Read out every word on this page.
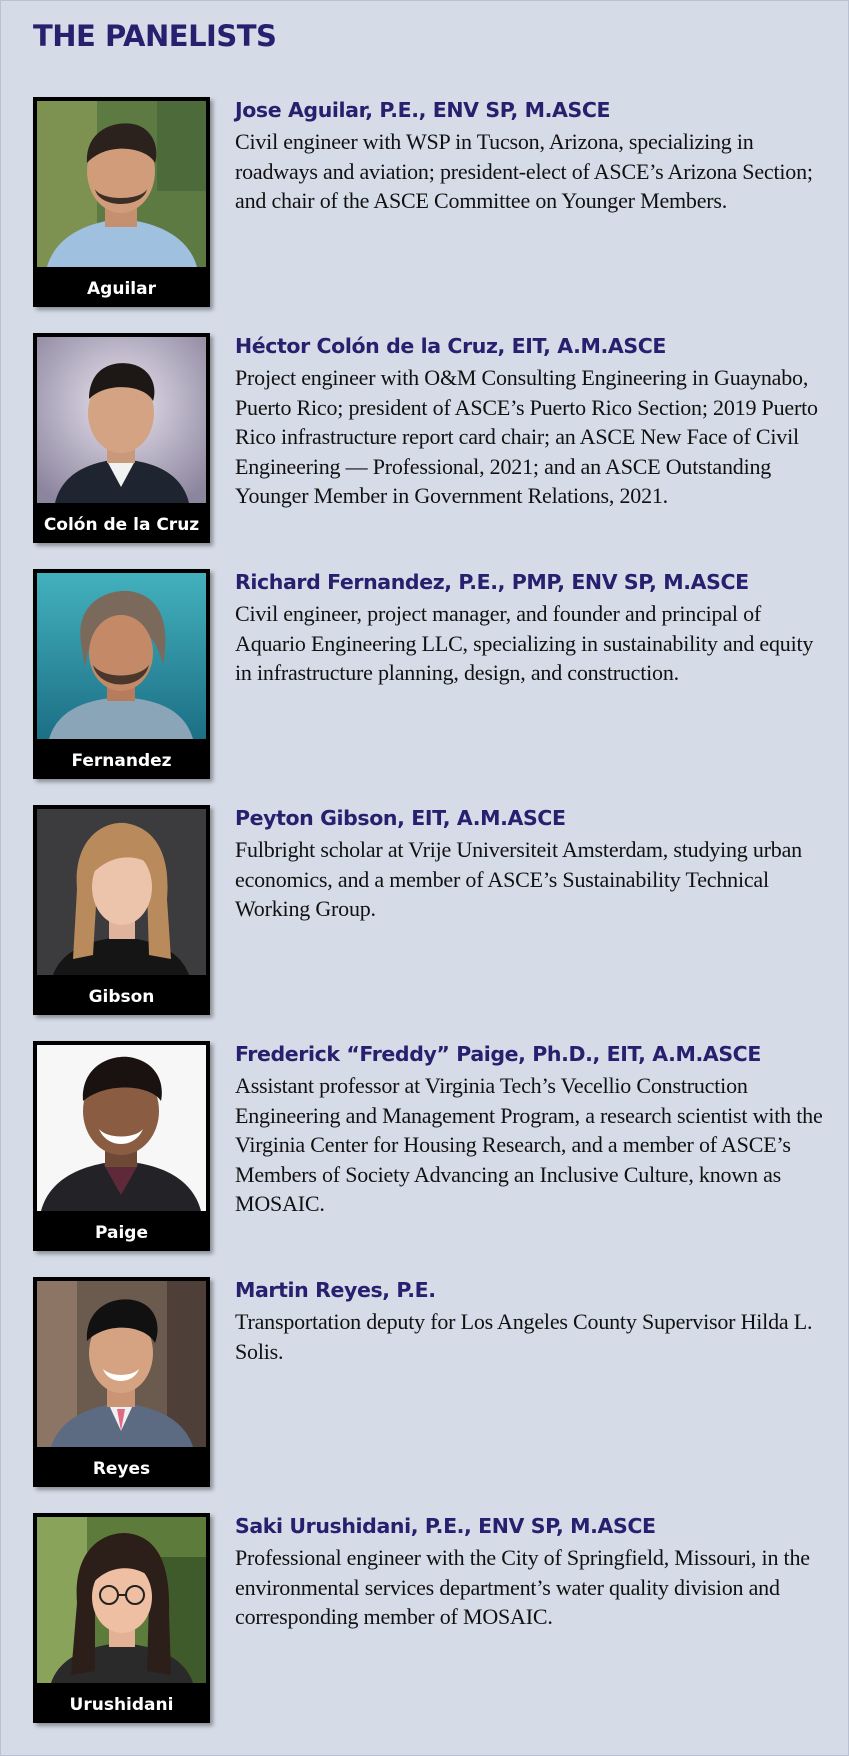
THE PANELISTS
Aguilar
Jose Aguilar, P.E., ENV SP, M.ASCE

Civil engineer with WSP in Tucson, Arizona, specializing in roadways and aviation; president-elect of ASCE’s Arizona Section; and chair of the ASCE Committee on Younger Members.

Colón de la Cruz
Héctor Colón de la Cruz, EIT, A.M.ASCE

Project engineer with O&M Consulting Engineering in Guaynabo, Puerto Rico; president of ASCE’s Puerto Rico Section; 2019 Puerto Rico infrastructure report card chair; an ASCE New Face of Civil Engineering — Professional, 2021; and an ASCE Outstanding Younger Member in Government Relations, 2021.

Fernandez
Richard Fernandez, P.E., PMP, ENV SP, M.ASCE

Civil engineer, project manager, and founder and principal of Aquario Engineering LLC, specializing in sustainability and equity in infrastructure planning, design, and construction.

Gibson
Peyton Gibson, EIT, A.M.ASCE

Fulbright scholar at Vrije Universiteit Amsterdam, studying urban economics, and a member of ASCE’s Sustainability Technical Working Group.

Paige
Frederick “Freddy” Paige, Ph.D., EIT, A.M.ASCE

Assistant professor at Virginia Tech’s Vecellio Construction Engineering and Management Program, a research scientist with the Virginia Center for Housing Research, and a member of ASCE’s Members of Society Advancing an Inclusive Culture, known as MOSAIC.

Reyes
Martin Reyes, P.E.

Transportation deputy for Los Angeles County Supervisor Hilda L. Solis.

Urushidani
Saki Urushidani, P.E., ENV SP, M.ASCE

Professional engineer with the City of Springfield, Missouri, in the environmental services department’s water quality division and corresponding member of MOSAIC.
